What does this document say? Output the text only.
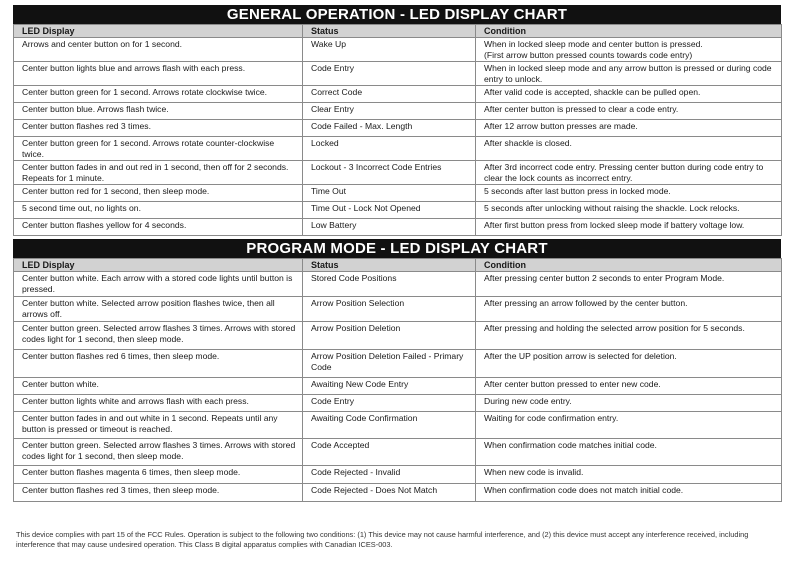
GENERAL OPERATION - LED DISPLAY CHART
LED Display	Status	Condition
Arrows and center button on for 1 second.	Wake Up	When in locked sleep mode and center button is pressed.
(First arrow button pressed counts towards code entry)

Center button lights blue and arrows flash with each press.	Code Entry	When in locked sleep mode and any arrow button is pressed or during code entry to unlock.
Center button green for 1 second. Arrows rotate clockwise twice.	Correct Code	After valid code is accepted, shackle can be pulled open.
Center button blue. Arrows flash twice.	Clear Entry	After center button is pressed to clear a code entry.
Center button flashes red 3 times.	Code Failed - Max. Length	After 12 arrow button presses are made.
Center button green for 1 second. Arrows rotate counter-clockwise twice.	Locked	After shackle is closed.
Center button fades in and out red in 1 second, then off for 2 seconds. Repeats for 1 minute.	Lockout - 3 Incorrect Code Entries	After 3rd incorrect code entry. Pressing center button during code entry to clear the lock counts as incorrect entry.
Center button red for 1 second, then sleep mode.	Time Out	5 seconds after last button press in locked mode.
5 second time out, no lights on.	Time Out - Lock Not Opened	5 seconds after unlocking without raising the shackle. Lock relocks.
Center button flashes yellow for 4 seconds.	Low Battery	After first button press from locked sleep mode if battery voltage low.
PROGRAM MODE - LED DISPLAY CHART
LED Display	Status	Condition
Center button white. Each arrow with a stored code lights until button is pressed.	Stored Code Positions	After pressing center button 2 seconds to enter Program Mode.
Center button white. Selected arrow position flashes twice, then all arrows off.	Arrow Position Selection	After pressing an arrow followed by the center button.
Center button green. Selected arrow flashes 3 times. Arrows with stored codes light for 1 second, then sleep mode.	Arrow Position Deletion	After pressing and holding the selected arrow position for 5 seconds.
Center button flashes red 6 times, then sleep mode.	Arrow Position Deletion Failed - Primary Code	After the UP position arrow is selected for deletion.
Center button white.	Awaiting New Code Entry	After center button pressed to enter new code.
Center button lights white and arrows flash with each press.	Code Entry	During new code entry.
Center button fades in and out white in 1 second. Repeats until any button is pressed or timeout is reached.	Awaiting Code Confirmation	Waiting for code confirmation entry.
Center button green. Selected arrow flashes 3 times. Arrows with stored codes light for 1 second, then sleep mode.	Code Accepted	When confirmation code matches initial code.
Center button flashes magenta 6 times, then sleep mode.	Code Rejected - Invalid	When new code is invalid.
Center button flashes red 3 times, then sleep mode.	Code Rejected - Does Not Match	When confirmation code does not match initial code.
This device complies with part 15 of the FCC Rules. Operation is subject to the following two conditions: (1) This device may not cause harmful interference, and (2) this device must accept any interference received, including interference that may cause undesired operation. This Class B digital apparatus complies with Canadian ICES-003.
